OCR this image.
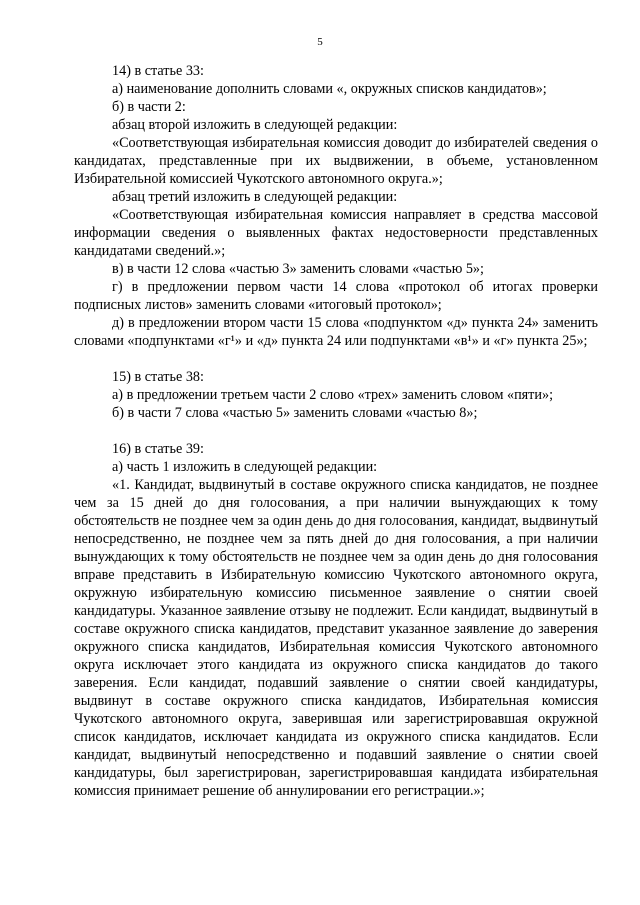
5

14) в статье 33:

а) наименование дополнить словами «, окружных списков кандидатов»;

б) в части 2:

абзац второй изложить в следующей редакции:

«Соответствующая избирательная комиссия доводит до избирателей сведения о кандидатах, представленные при их выдвижении, в объеме, установленном Избирательной комиссией Чукотского автономного округа.»;

абзац третий изложить в следующей редакции:

«Соответствующая избирательная комиссия направляет в средства массовой информации сведения о выявленных фактах недостоверности представленных кандидатами сведений.»;

в) в части 12 слова «частью 3» заменить словами «частью 5»;

г) в предложении первом части 14 слова «протокол об итогах проверки подписных листов» заменить словами «итоговый протокол»;

д) в предложении втором части 15 слова «подпунктом «д» пункта 24» заменить словами «подпунктами «г¹» и «д» пункта 24 или подпунктами «в¹» и «г» пункта 25»;

15) в статье 38:

а) в предложении третьем части 2 слово «трех» заменить словом «пяти»;

б) в части 7 слова «частью 5» заменить словами «частью 8»;

16) в статье 39:

а) часть 1 изложить в следующей редакции:

«1. Кандидат, выдвинутый в составе окружного списка кандидатов, не позднее чем за 15 дней до дня голосования, а при наличии вынуждающих к тому обстоятельств не позднее чем за один день до дня голосования, кандидат, выдвинутый непосредственно, не позднее чем за пять дней до дня голосования, а при наличии вынуждающих к тому обстоятельств не позднее чем за один день до дня голосования вправе представить в Избирательную комиссию Чукотского автономного округа, окружную избирательную комиссию письменное заявление о снятии своей кандидатуры. Указанное заявление отзыву не подлежит. Если кандидат, выдвинутый в составе окружного списка кандидатов, представит указанное заявление до заверения окружного списка кандидатов, Избирательная комиссия Чукотского автономного округа исключает этого кандидата из окружного списка кандидатов до такого заверения. Если кандидат, подавший заявление о снятии своей кандидатуры, выдвинут в составе окружного списка кандидатов, Избирательная комиссия Чукотского автономного округа, заверившая или зарегистрировавшая окружной список кандидатов, исключает кандидата из окружного списка кандидатов. Если кандидат, выдвинутый непосредственно и подавший заявление о снятии своей кандидатуры, был зарегистрирован, зарегистрировавшая кандидата избирательная комиссия принимает решение об аннулировании его регистрации.»;
